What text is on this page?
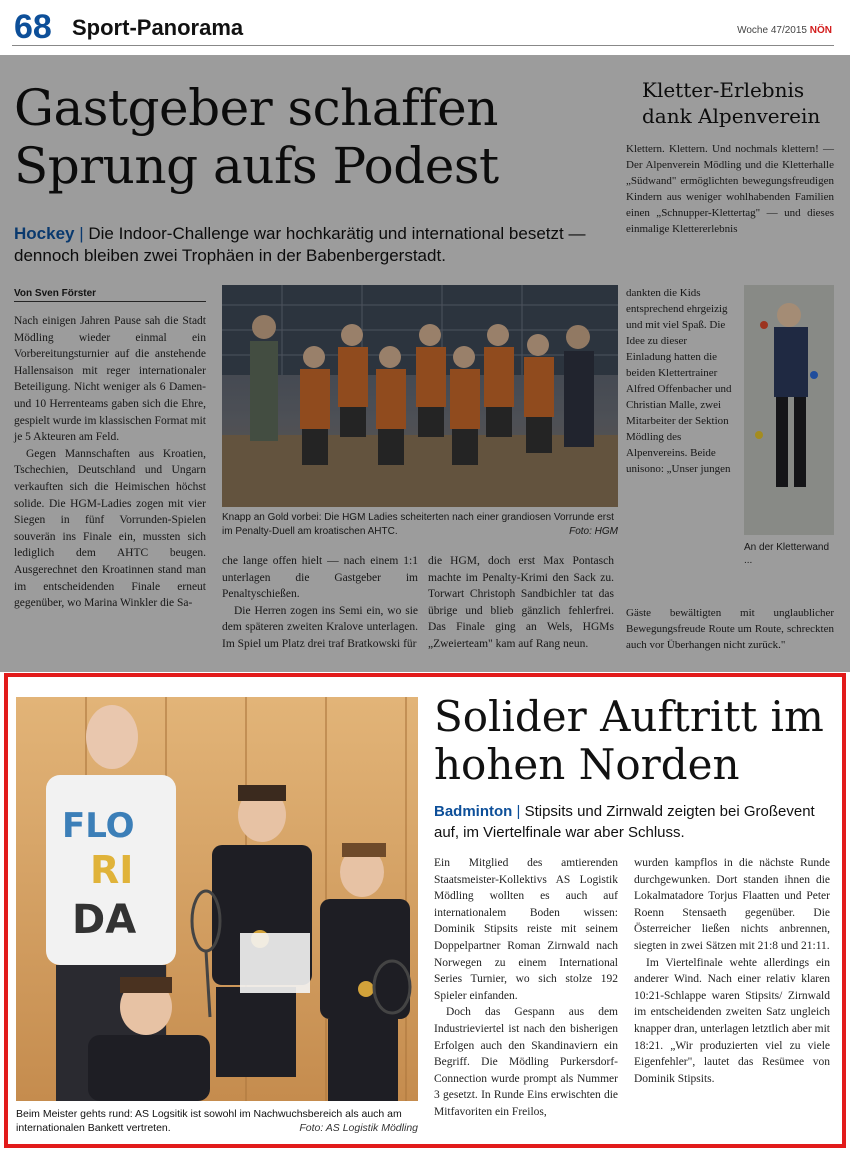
68 Sport-Panorama	Woche 47/2015 NÖN
Gastgeber schaffen Sprung aufs Podest
Hockey | Die Indoor-Challenge war hochkarätig und international besetzt — dennoch bleiben zwei Trophäen in der Babenbergerstadt.
Von Sven Förster

Nach einigen Jahren Pause sah die Stadt Mödling wieder einmal ein Vorbereitungsturnier auf die anstehende Hallensaison mit reger internationaler Beteiligung. Nicht weniger als 6 Damen- und 10 Herrenteams gaben sich die Ehre, gespielt wurde im klassischen Format mit je 5 Akteuren am Feld.

Gegen Mannschaften aus Kroatien, Tschechien, Deutschland und Ungarn verkauften sich die Heimischen höchst solide. Die HGM-Ladies zogen mit vier Siegen in fünf Vorrunden-Spielen souverän ins Finale ein, mussten sich lediglich dem AHTC beugen. Ausgerechnet den Kroatinnen stand man im entscheidenden Finale erneut gegenüber, wo Marina Winkler die Sa-

Knapp an Gold vorbei: Die HGM Ladies scheiterten nach einer grandiosen Vorrunde erst im Penalty-Duell am kroatischen AHTC.	Foto: HGM

che lange offen hielt — nach einem 1:1 unterlagen die Gastgeber im Penaltyschießen.

Die Herren zogen ins Semi ein, wo sie dem späteren zweiten Kralove unterlagen. Im Spiel um Platz drei traf Bratkowski für

die HGM, doch erst Max Pontasch machte im Penalty-Krimi den Sack zu. Torwart Christoph Sandbichler tat das übrige und blieb gänzlich fehlerfrei. Das Finale ging an Wels, HGMs „Zweierteam" kam auf Rang neun.

Kletter-Erlebnis dank Alpenverein
Klettern. Klettern. Und nochmals klettern! — Der Alpenverein Mödling und die Kletterhalle „Südwand" ermöglichten bewegungsfreudigen Kindern aus weniger wohlhabenden Familien einen „Schnupper-Klettertag" — und dieses einmalige Klettererlebnis
dankten die Kids entsprechend ehrgeizig und mit viel Spaß. Die Idee zu dieser Einladung hatten die beiden Klettertrainer Alfred Offenbacher und Christian Malle, zwei Mitarbeiter der Sektion Mödling des Alpenvereins. Beide unisono: „Unser jungen
An der Kletterwand ...
Gäste bewältigten mit unglaublicher Bewegungsfreude Route um Route, schreckten auch vor Überhangen nicht zurück."
FLO
RI
DA
Beim Meister gehts rund: AS Logsitik ist sowohl im Nachwuchsbereich als auch am internationalen Bankett vertreten.	Foto: AS Logistik Mödling
Solider Auftritt im hohen Norden
Badminton | Stipsits und Zirnwald zeigten bei Großevent auf, im Viertelfinale war aber Schluss.

Ein Mitglied des amtierenden Staatsmeister-Kollektivs AS Logistik Mödling wollten es auch auf internationalem Boden wissen: Dominik Stipsits reiste mit seinem Doppelpartner Roman Zirnwald nach Norwegen zu einem International Series Turnier, wo sich stolze 192 Spieler einfanden.

Doch das Gespann aus dem Industrieviertel ist nach den bisherigen Erfolgen auch den Skandinaviern ein Begriff. Die Mödling Purkersdorf-Connection wurde prompt als Nummer 3 gesetzt. In Runde Eins erwischten die Mitfavoriten ein Freilos,

wurden kampflos in die nächste Runde durchgewunken. Dort standen ihnen die Lokalmatadore Torjus Flaatten und Peter Roenn Stensaeth gegenüber. Die Österreicher ließen nichts anbrennen, siegten in zwei Sätzen mit 21:8 und 21:11.

Im Viertelfinale wehte allerdings ein anderer Wind. Nach einer relativ klaren 10:21-Schlappe waren Stipsits/ Zirnwald im entscheidenden zweiten Satz ungleich knapper dran, unterlagen letztlich aber mit 18:21. „Wir produzierten viel zu viele Eigenfehler", lautet das Resümee von Dominik Stipsits.
